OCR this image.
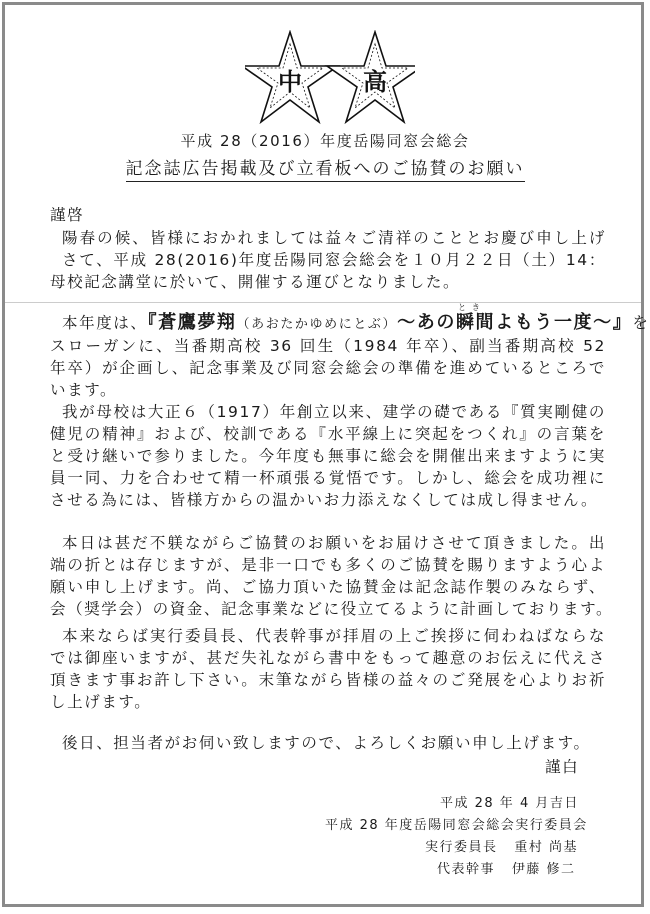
中	高
平成 28（2016）年度岳陽同窓会総会
記念誌広告掲載及び立看板へのご協賛のお願い
謹啓
陽春の候、皆様におかれましては益々ご清祥のこととお慶び申し上げ
さて、平成 28(2016)年度岳陽同窓会総会を１０月２２日（土）14：
母校記念講堂に於いて、開催する運びとなりました。
本年度は、『蒼鷹夢翔（あおたかゆめにとぶ）～あの
とき
瞬間よもう一度～』を
スローガンに、当番期高校 36 回生（1984 年卒）、副当番期高校 52
年卒）が企画し、記念事業及び同窓会総会の準備を進めているところで
います。
我が母校は大正６（1917）年創立以来、建学の礎である『質実剛健の
健児の精神』および、校訓である『水平線上に突起をつくれ』の言葉を
と受け継いで参りました。今年度も無事に総会を開催出来ますように実
員一同、力を合わせて精一杯頑張る覚悟です。しかし、総会を成功裡に
させる為には、皆様方からの温かいお力添えなくしては成し得ません。
本日は甚だ不躾ながらご協賛のお願いをお届けさせて頂きました。出
端の折とは存じますが、是非一口でも多くのご協賛を賜りますよう心よ
願い申し上げます。尚、ご協力頂いた協賛金は記念誌作製のみならず、
会（奨学会）の資金、記念事業などに役立てるように計画しております。
本来ならば実行委員長、代表幹事が拝眉の上ご挨拶に伺わねばならな
では御座いますが、甚だ失礼ながら書中をもって趣意のお伝えに代えさ
頂きます事お許し下さい。末筆ながら皆様の益々のご発展を心よりお祈
し上げます。
後日、担当者がお伺い致しますので、よろしくお願い申し上げます。
謹白
平成 28 年 4 月吉日
平成 28 年度岳陽同窓会総会実行委員会
実行委員長 重村 尚基
代表幹事 伊藤 修二
